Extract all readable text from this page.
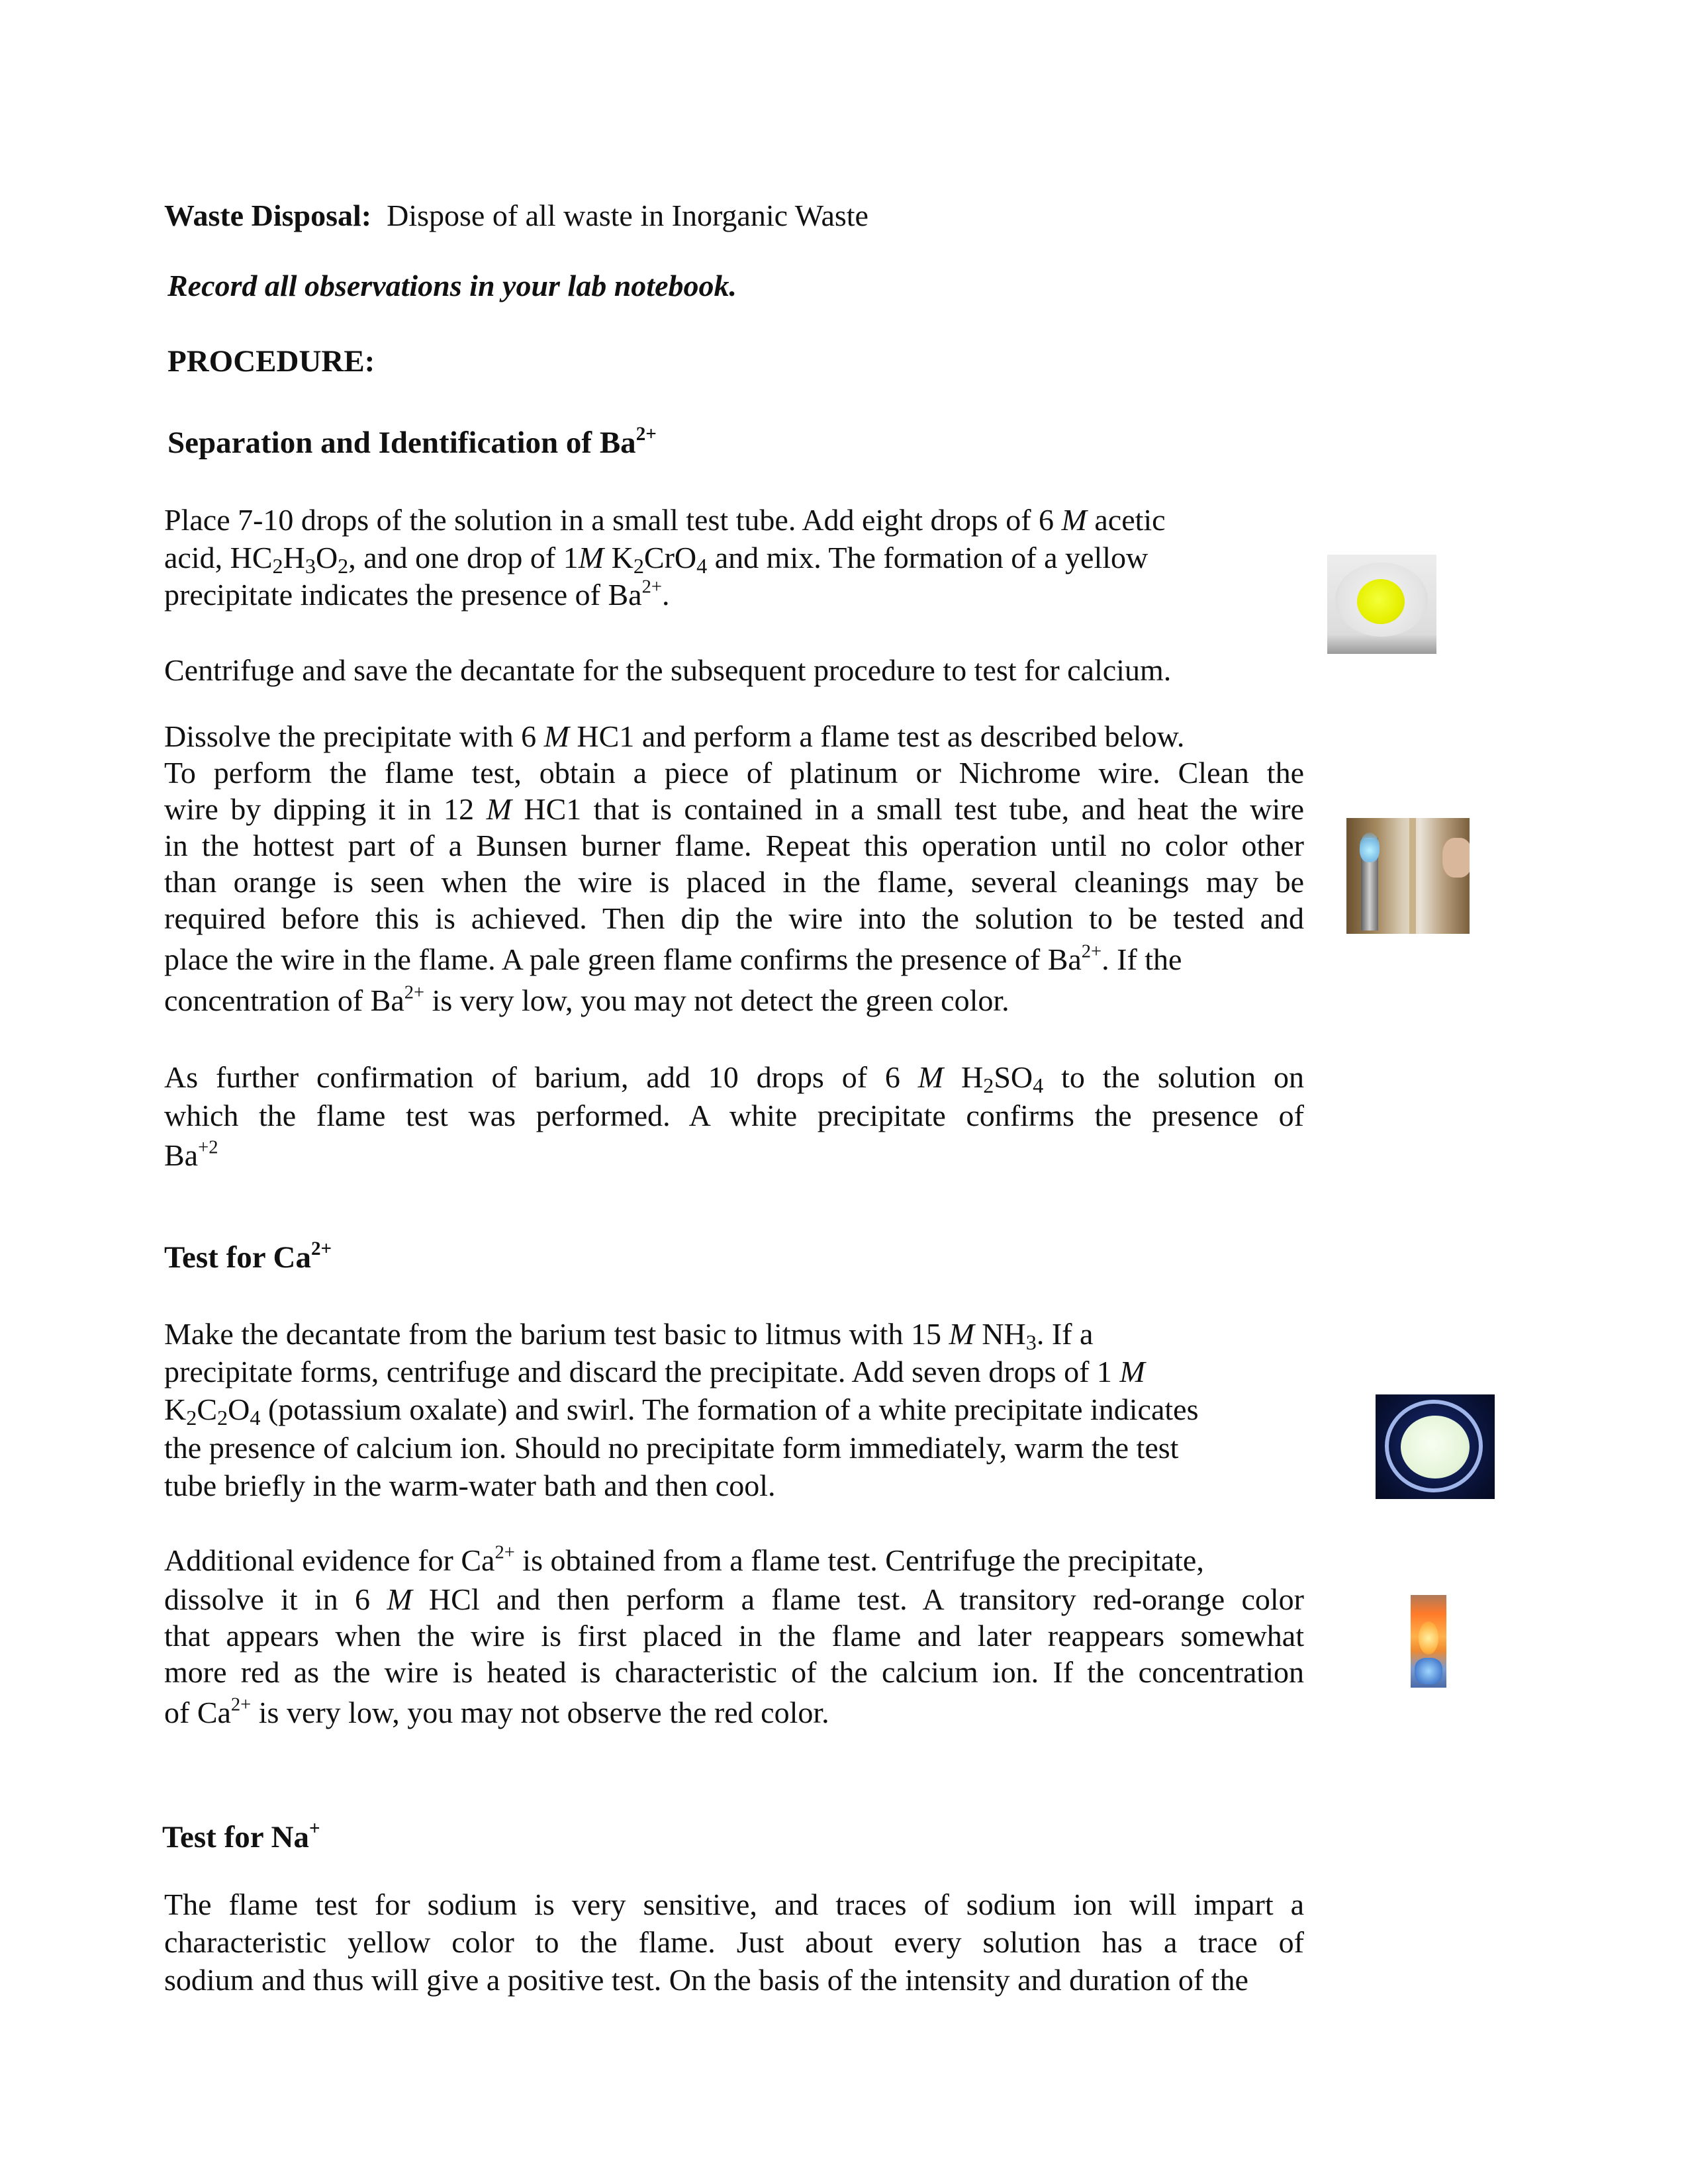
Waste Disposal: Dispose of all waste in Inorganic Waste
Record all observations in your lab notebook.
PROCEDURE:
Separation and Identification of $Ba^{2+}$
Place 7-10 drops of the solution in a small test tube. Add eight drops of 6 M acetic
acid, $HC_2H_3O_2$, and one drop of 1M $K_2CrO_4$ and mix. The formation of a yellow
precipitate indicates the presence of $Ba^{2+}$.
Centrifuge and save the decantate for the subsequent procedure to test for calcium.
Dissolve the precipitate with 6 M HC1 and perform a flame test as described below.
To perform the flame test, obtain a piece of platinum or Nichrome wire. Clean the
wire by dipping it in 12 M HC1 that is contained in a small test tube, and heat the wire
in the hottest part of a Bunsen burner flame. Repeat this operation until no color other
than orange is seen when the wire is placed in the flame, several cleanings may be
required before this is achieved. Then dip the wire into the solution to be tested and
place the wire in the flame. A pale green flame confirms the presence of $Ba^{2+}$. If the
concentration of $Ba^{2+}$ is very low, you may not detect the green color.
As further confirmation of barium, add 10 drops of 6 M $H_2SO_4$ to the solution on
which the flame test was performed. A white precipitate confirms the presence of
$Ba^{+2}$
Test for $Ca^{2+}$
Make the decantate from the barium test basic to litmus with 15 M $NH_3$. If a
precipitate forms, centrifuge and discard the precipitate. Add seven drops of 1 M
$K_2C_2O_4$ (potassium oxalate) and swirl. The formation of a white precipitate indicates
the presence of calcium ion. Should no precipitate form immediately, warm the test
tube briefly in the warm-water bath and then cool.
Additional evidence for $Ca^{2+}$ is obtained from a flame test. Centrifuge the precipitate,
dissolve it in 6 M HCl and then perform a flame test. A transitory red-orange color
that appears when the wire is first placed in the flame and later reappears somewhat
more red as the wire is heated is characteristic of the calcium ion. If the concentration
of $Ca^{2+}$ is very low, you may not observe the red color.
Test for Na+
The flame test for sodium is very sensitive, and traces of sodium ion will impart a
characteristic yellow color to the flame. Just about every solution has a trace of
sodium and thus will give a positive test. On the basis of the intensity and duration of the
